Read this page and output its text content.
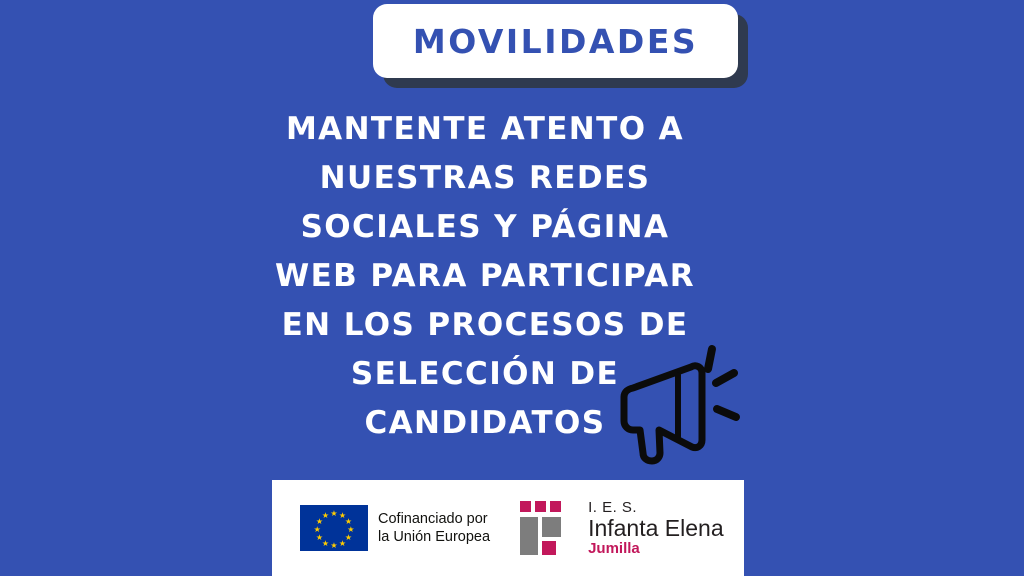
MOVILIDADES
MANTENTE ATENTO A
NUESTRAS REDES
SOCIALES Y PÁGINA
WEB PARA PARTICIPAR
EN LOS PROCESOS DE
SELECCIÓN DE
CANDIDATOS
★ ★
★
★
★
★
★
★
★
★
★
★	Cofinanciado por
la Unión Europea
I. E. S.
Infanta Elena
Jumilla
